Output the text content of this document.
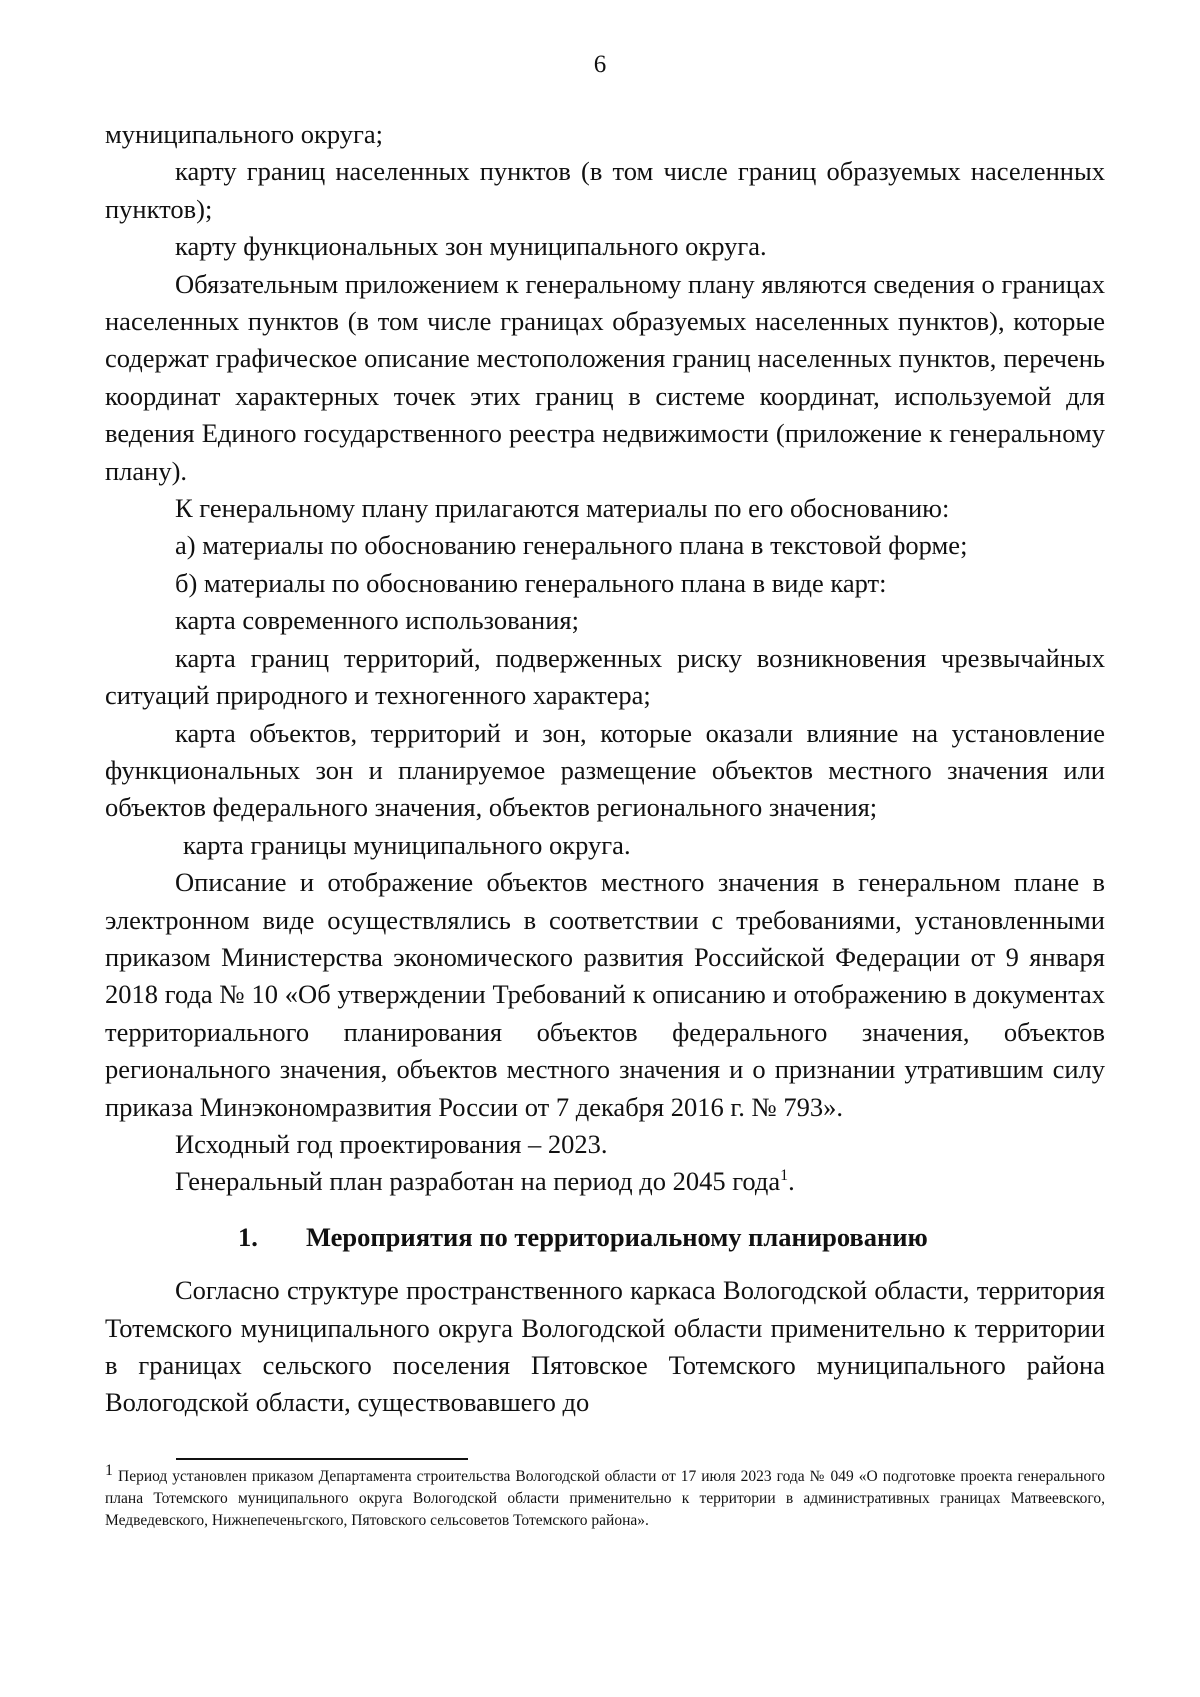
6

муниципального округа;

карту границ населенных пунктов (в том числе границ образуемых населенных пунктов);

карту функциональных зон муниципального округа.

Обязательным приложением к генеральному плану являются сведения о границах населенных пунктов (в том числе границах образуемых населенных пунктов), которые содержат графическое описание местоположения границ населенных пунктов, перечень координат характерных точек этих границ в системе координат, используемой для ведения Единого государственного реестра недвижимости (приложение к генеральному плану).

К генеральному плану прилагаются материалы по его обоснованию:

а) материалы по обоснованию генерального плана в текстовой форме;

б) материалы по обоснованию генерального плана в виде карт:

карта современного использования;

карта границ территорий, подверженных риску возникновения чрезвычайных ситуаций природного и техногенного характера;

карта объектов, территорий и зон, которые оказали влияние на установление функциональных зон и планируемое размещение объектов местного значения или объектов федерального значения, объектов регионального значения;

карта границы муниципального округа.

Описание и отображение объектов местного значения в генеральном плане в электронном виде осуществлялись в соответствии с требованиями, установленными приказом Министерства экономического развития Российской Федерации от 9 января 2018 года № 10 «Об утверждении Требований к описанию и отображению в документах территориального планирования объектов федерального значения, объектов регионального значения, объектов местного значения и о признании утратившим силу приказа Минэкономразвития России от 7 декабря 2016 г. № 793».

Исходный год проектирования – 2023.

Генеральный план разработан на период до 2045 года$^1$.

1. Мероприятия по территориальному планированию

Согласно структуре пространственного каркаса Вологодской области, территория Тотемского муниципального округа Вологодской области применительно к территории в границах сельского поселения Пятовское Тотемского муниципального района Вологодской области, существовавшего до

$^1$ Период установлен приказом Департамента строительства Вологодской области от 17 июля 2023 года № 049 «О подготовке проекта генерального плана Тотемского муниципального округа Вологодской области применительно к территории в административных границах Матвеевского, Медведевского, Нижнепеченьгского, Пятовского сельсоветов Тотемского района».
